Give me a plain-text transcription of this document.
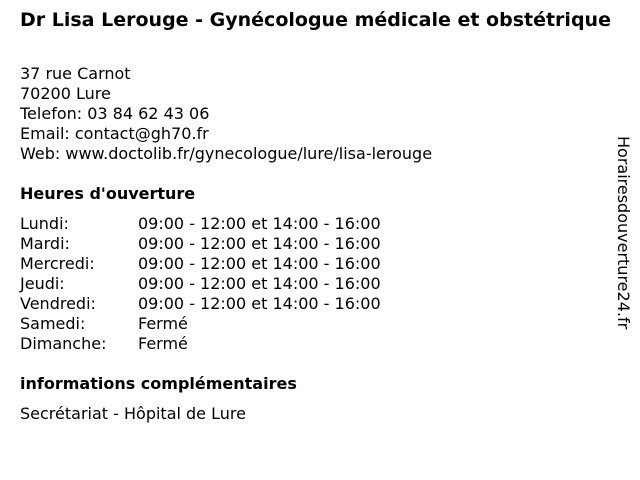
Dr Lisa Lerouge - Gynécologue médicale et obstétrique
37 rue Carnot
70200 Lure
Telefon: 03 84 62 43 06
Email: contact@gh70.fr
Web: www.doctolib.fr/gynecologue/lure/lisa-lerouge
Heures d'ouverture
Lundi:	09:00 - 12:00 et 14:00 - 16:00
Mardi:	09:00 - 12:00 et 14:00 - 16:00
Mercredi:	09:00 - 12:00 et 14:00 - 16:00
Jeudi:	09:00 - 12:00 et 14:00 - 16:00
Vendredi:	09:00 - 12:00 et 14:00 - 16:00
Samedi:	Fermé
Dimanche: Fermé
informations complémentaires
Secrétariat - Hôpital de Lure
Horairesdouverture24.fr
